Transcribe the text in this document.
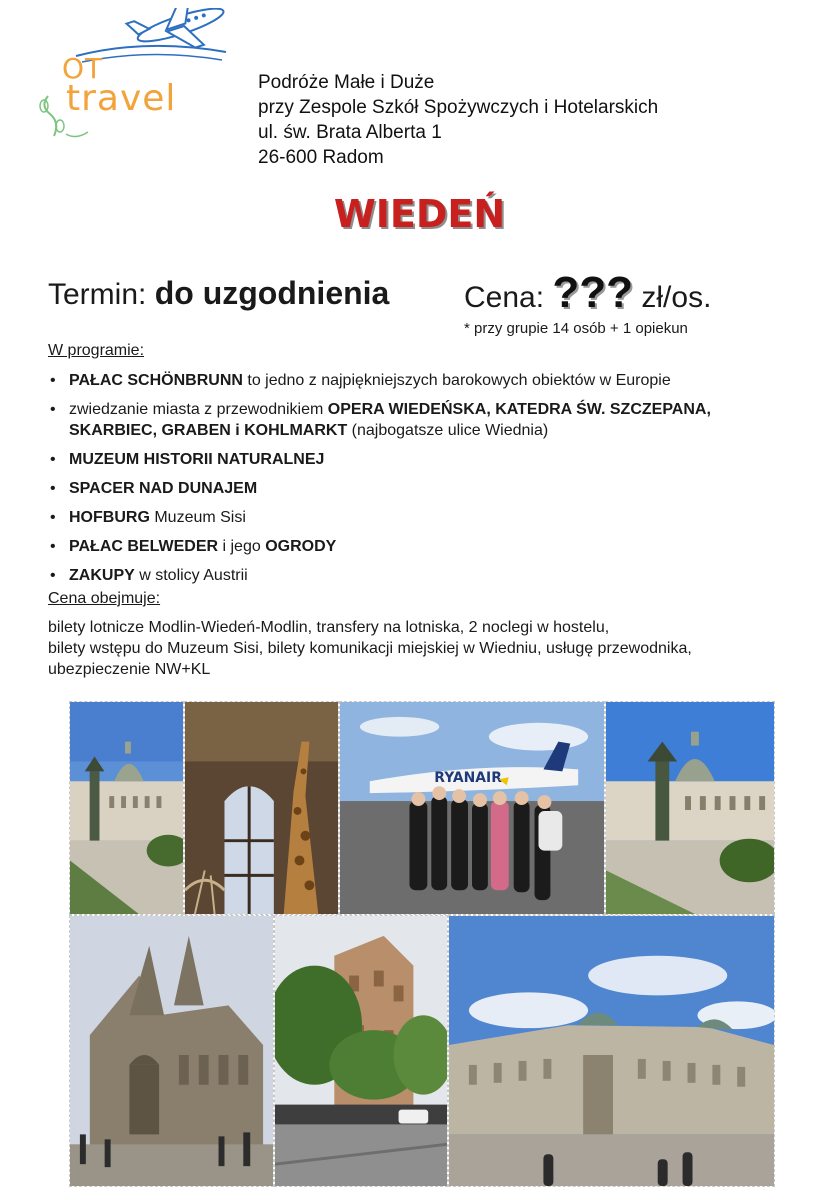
OT
travel	Podróże Małe i Duże
przy Zespole Szkół Spożywczych i Hotelarskich
ul. św. Brata Alberta 1
26-600 Radom
WIEDEŃ
Termin: do uzgodnienia Cena: ??? zł/os.
* przy grupie 14 osób + 1 opiekun
W programie:
• PAŁAC SCHÖNBRUNN to jedno z najpiękniejszych barokowych obiektów w Europie
• zwiedzanie miasta z przewodnikiem OPERA WIEDEŃSKA, KATEDRA ŚW. SZCZEPANA, SKARBIEC, GRABEN i KOHLMARKT (najbogatsze ulice Wiednia)
• MUZEUM HISTORII NATURALNEJ
• SPACER NAD DUNAJEM
• HOFBURG Muzeum Sisi
• PAŁAC BELWEDER i jego OGRODY
• ZAKUPY w stolicy Austrii
Cena obejmuje:
bilety lotnicze Modlin-Wiedeń-Modlin, transfery na lotniska, 2 noclegi w hostelu,
bilety wstępu do Muzeum Sisi, bilety komunikacji miejskiej w Wiedniu, usługę przewodnika,
ubezpieczenie NW+KL
RYANAIR
